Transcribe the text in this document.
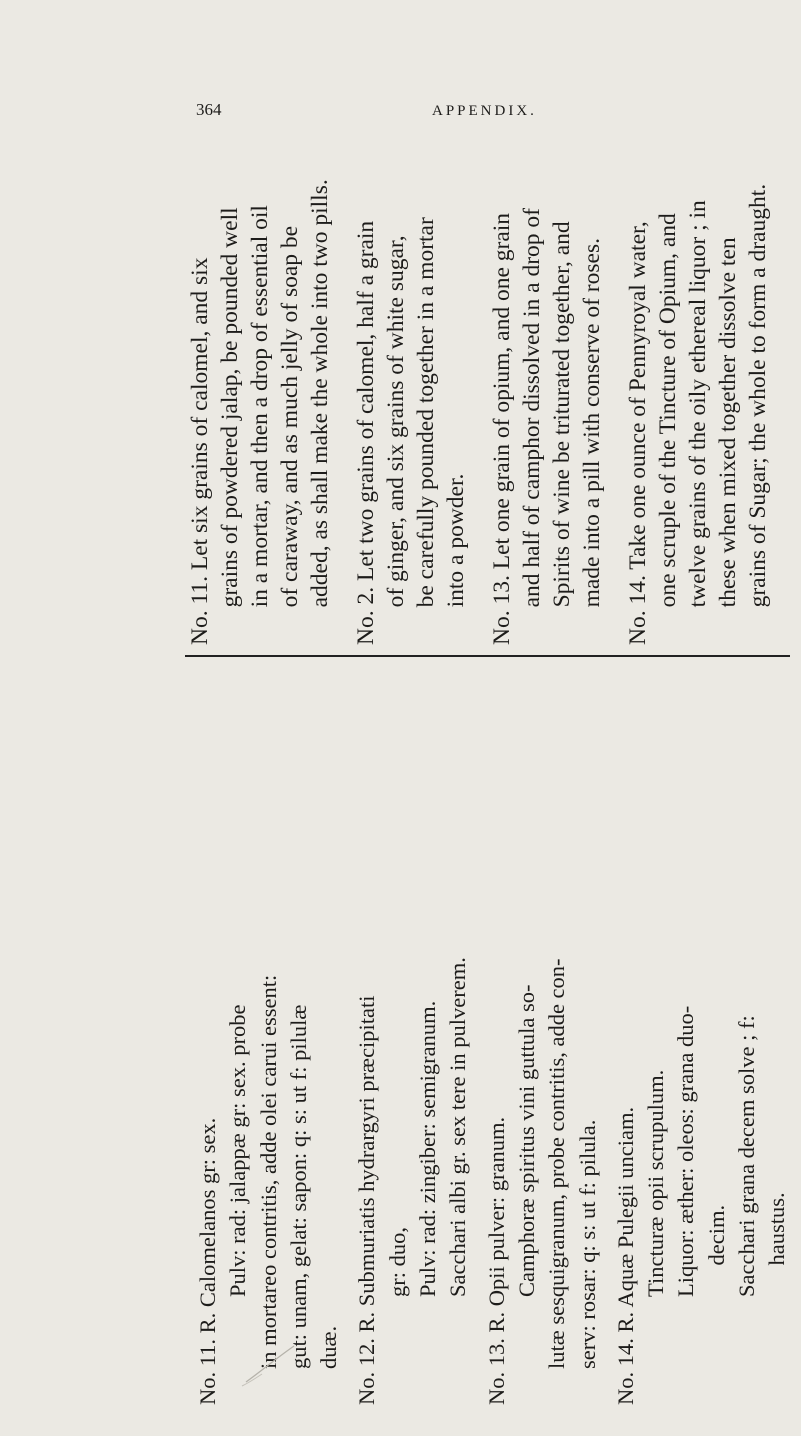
364	APPENDIX.
No. 11. Let six grains of calomel, and six grains of powdered jalap, be pounded well in a mortar, and then a drop of essential oil of caraway, and as much jelly of soap be added, as shall make the whole into two pills. No. 2. Let two grains of calomel, half a grain of ginger, and six grains of white sugar, be carefully pounded together in a mortar into a powder. No. 13. Let one grain of opium, and one grain and half of camphor dissolved in a drop of Spirits of wine be triturated together, and made into a pill with conserve of roses. No. 14. Take one ounce of Pennyroyal water, one scruple of the Tincture of Opium, and twelve grains of the oily ethereal liquor ; in these when mixed together dissolve ten grains of Sugar; the whole to form a draught.
No. 11. R. Calomelanos gr: sex. Pulv: rad: jalappæ gr: sex. probe in mortareo contritis, adde olei carui essent: gut: unam, gelat: sapon: q: s: ut f: pilulæ duæ. No. 12. R. Submuriatis hydrargyri præcipitati gr: duo, Pulv: rad: zingiber: semigranum. Sacchari albi gr. sex tere in pulverem. No. 13. R. Opii pulver: granum. Camphoræ spiritus vini guttula so- lutæ sesquigranum, probe contritis, adde con- serv: rosar: q: s: ut f: pilula. No. 14. R. Aquæ Pulegii unciam. Tincturæ opii scrupulum. Liquor: æther: oleos: grana duo- decim. Sacchari grana decem solve ; f: haustus.
